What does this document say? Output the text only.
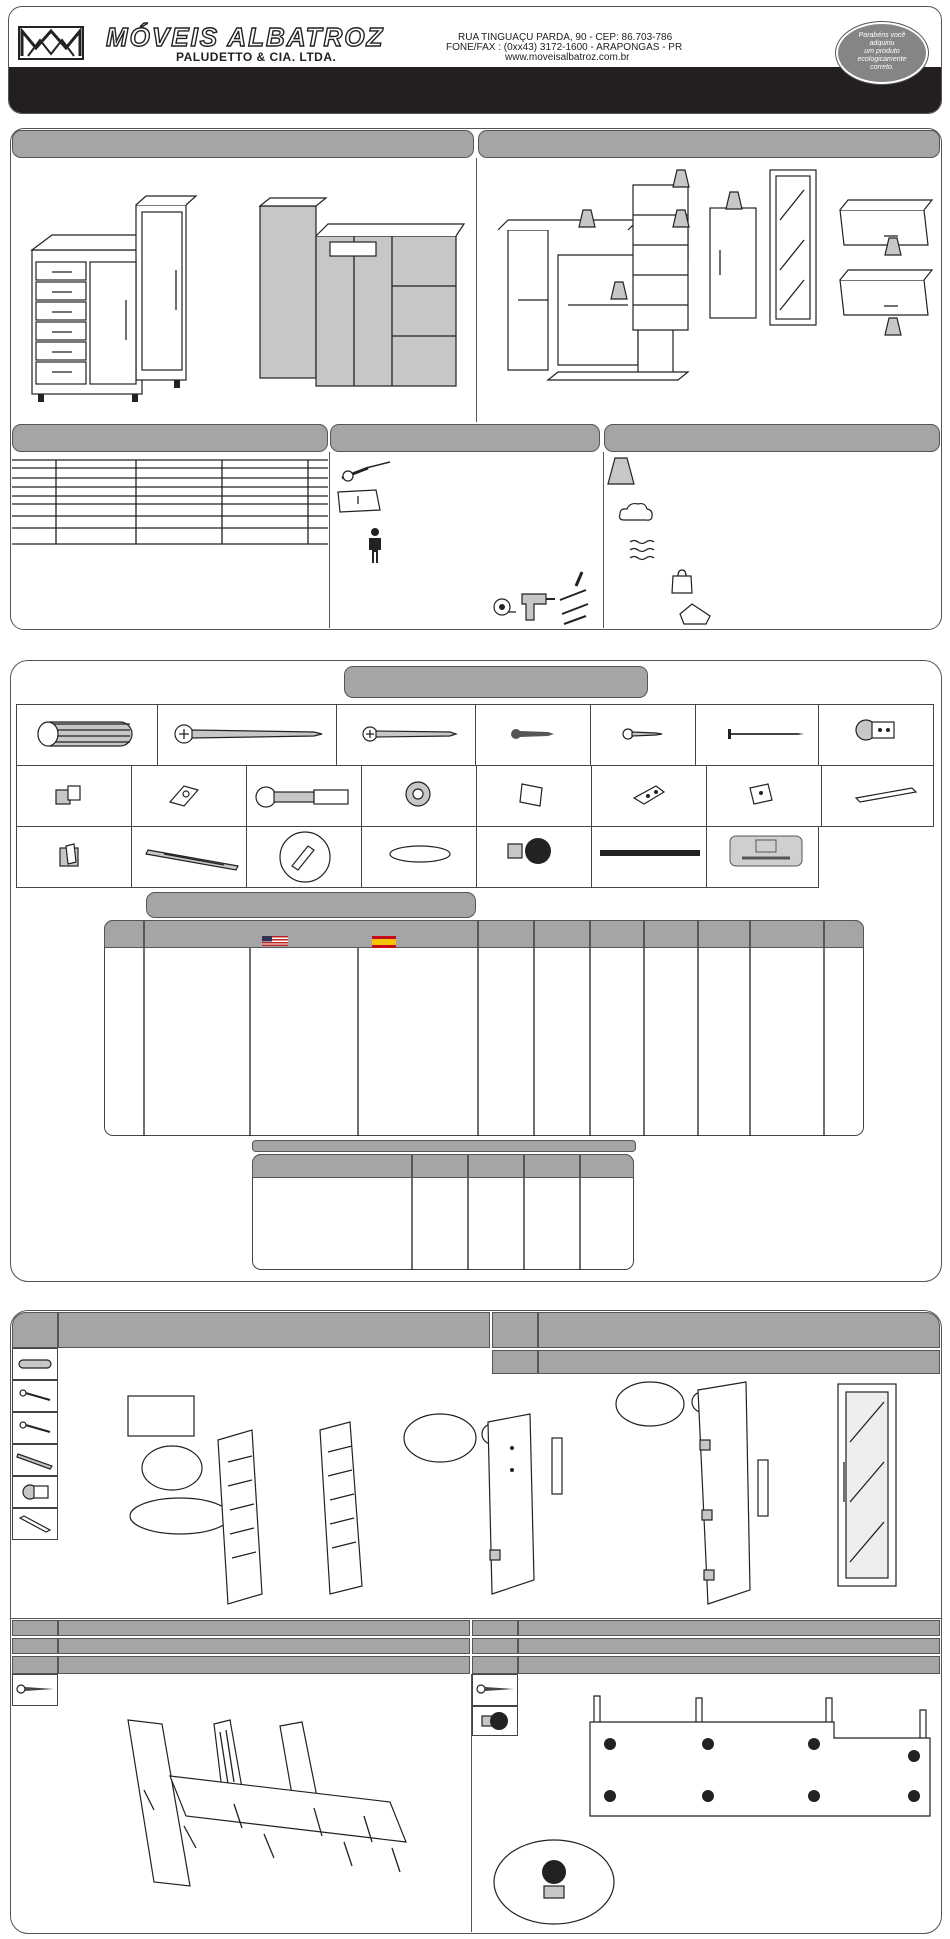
MÓVEIS ALBATROZ
PALUDETTO & CIA. LTDA.
RUA TINGUAÇU PARDA, 90 - CEP: 86.703-786
FONE/FAX : (0xx43) 3172-1600 - ARAPONGAS - PR
www.moveisalbatroz.com.br
Parabéns você
adquiriu
um produto
ecologicamente
correto.
